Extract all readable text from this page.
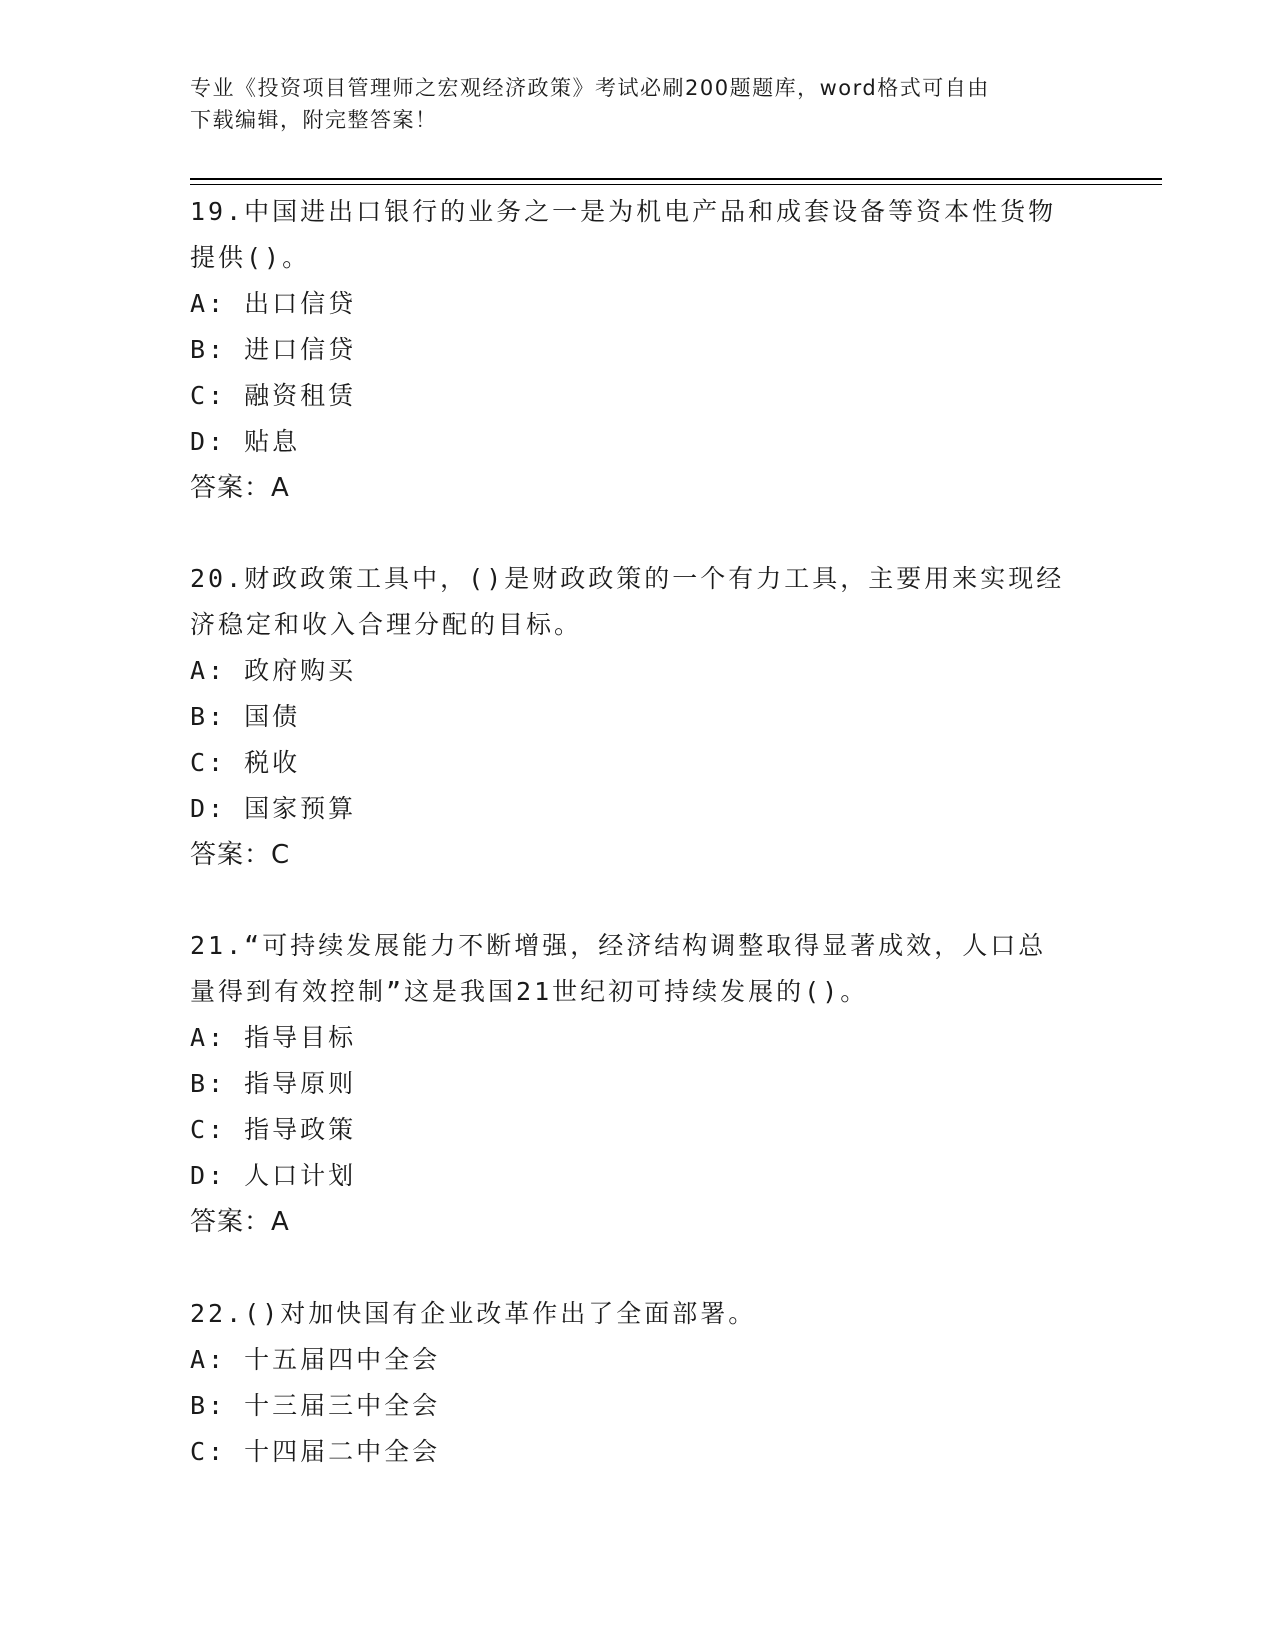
专业《投资项目管理师之宏观经济政策》考试必刷200题题库，word格式可自由
下载编辑，附完整答案！

19.中国进出口银行的业务之一是为机电产品和成套设备等资本性货物

提供()。

A: 出口信贷

B: 进口信贷

C: 融资租赁

D: 贴息

答案：A

20.财政政策工具中，()是财政政策的一个有力工具，主要用来实现经

济稳定和收入合理分配的目标。

A: 政府购买

B: 国债

C: 税收

D: 国家预算

答案：C

21.“可持续发展能力不断增强，经济结构调整取得显著成效，人口总

量得到有效控制”这是我国21世纪初可持续发展的()。

A: 指导目标

B: 指导原则

C: 指导政策

D: 人口计划

答案：A

22.()对加快国有企业改革作出了全面部署。

A: 十五届四中全会

B: 十三届三中全会

C: 十四届二中全会
